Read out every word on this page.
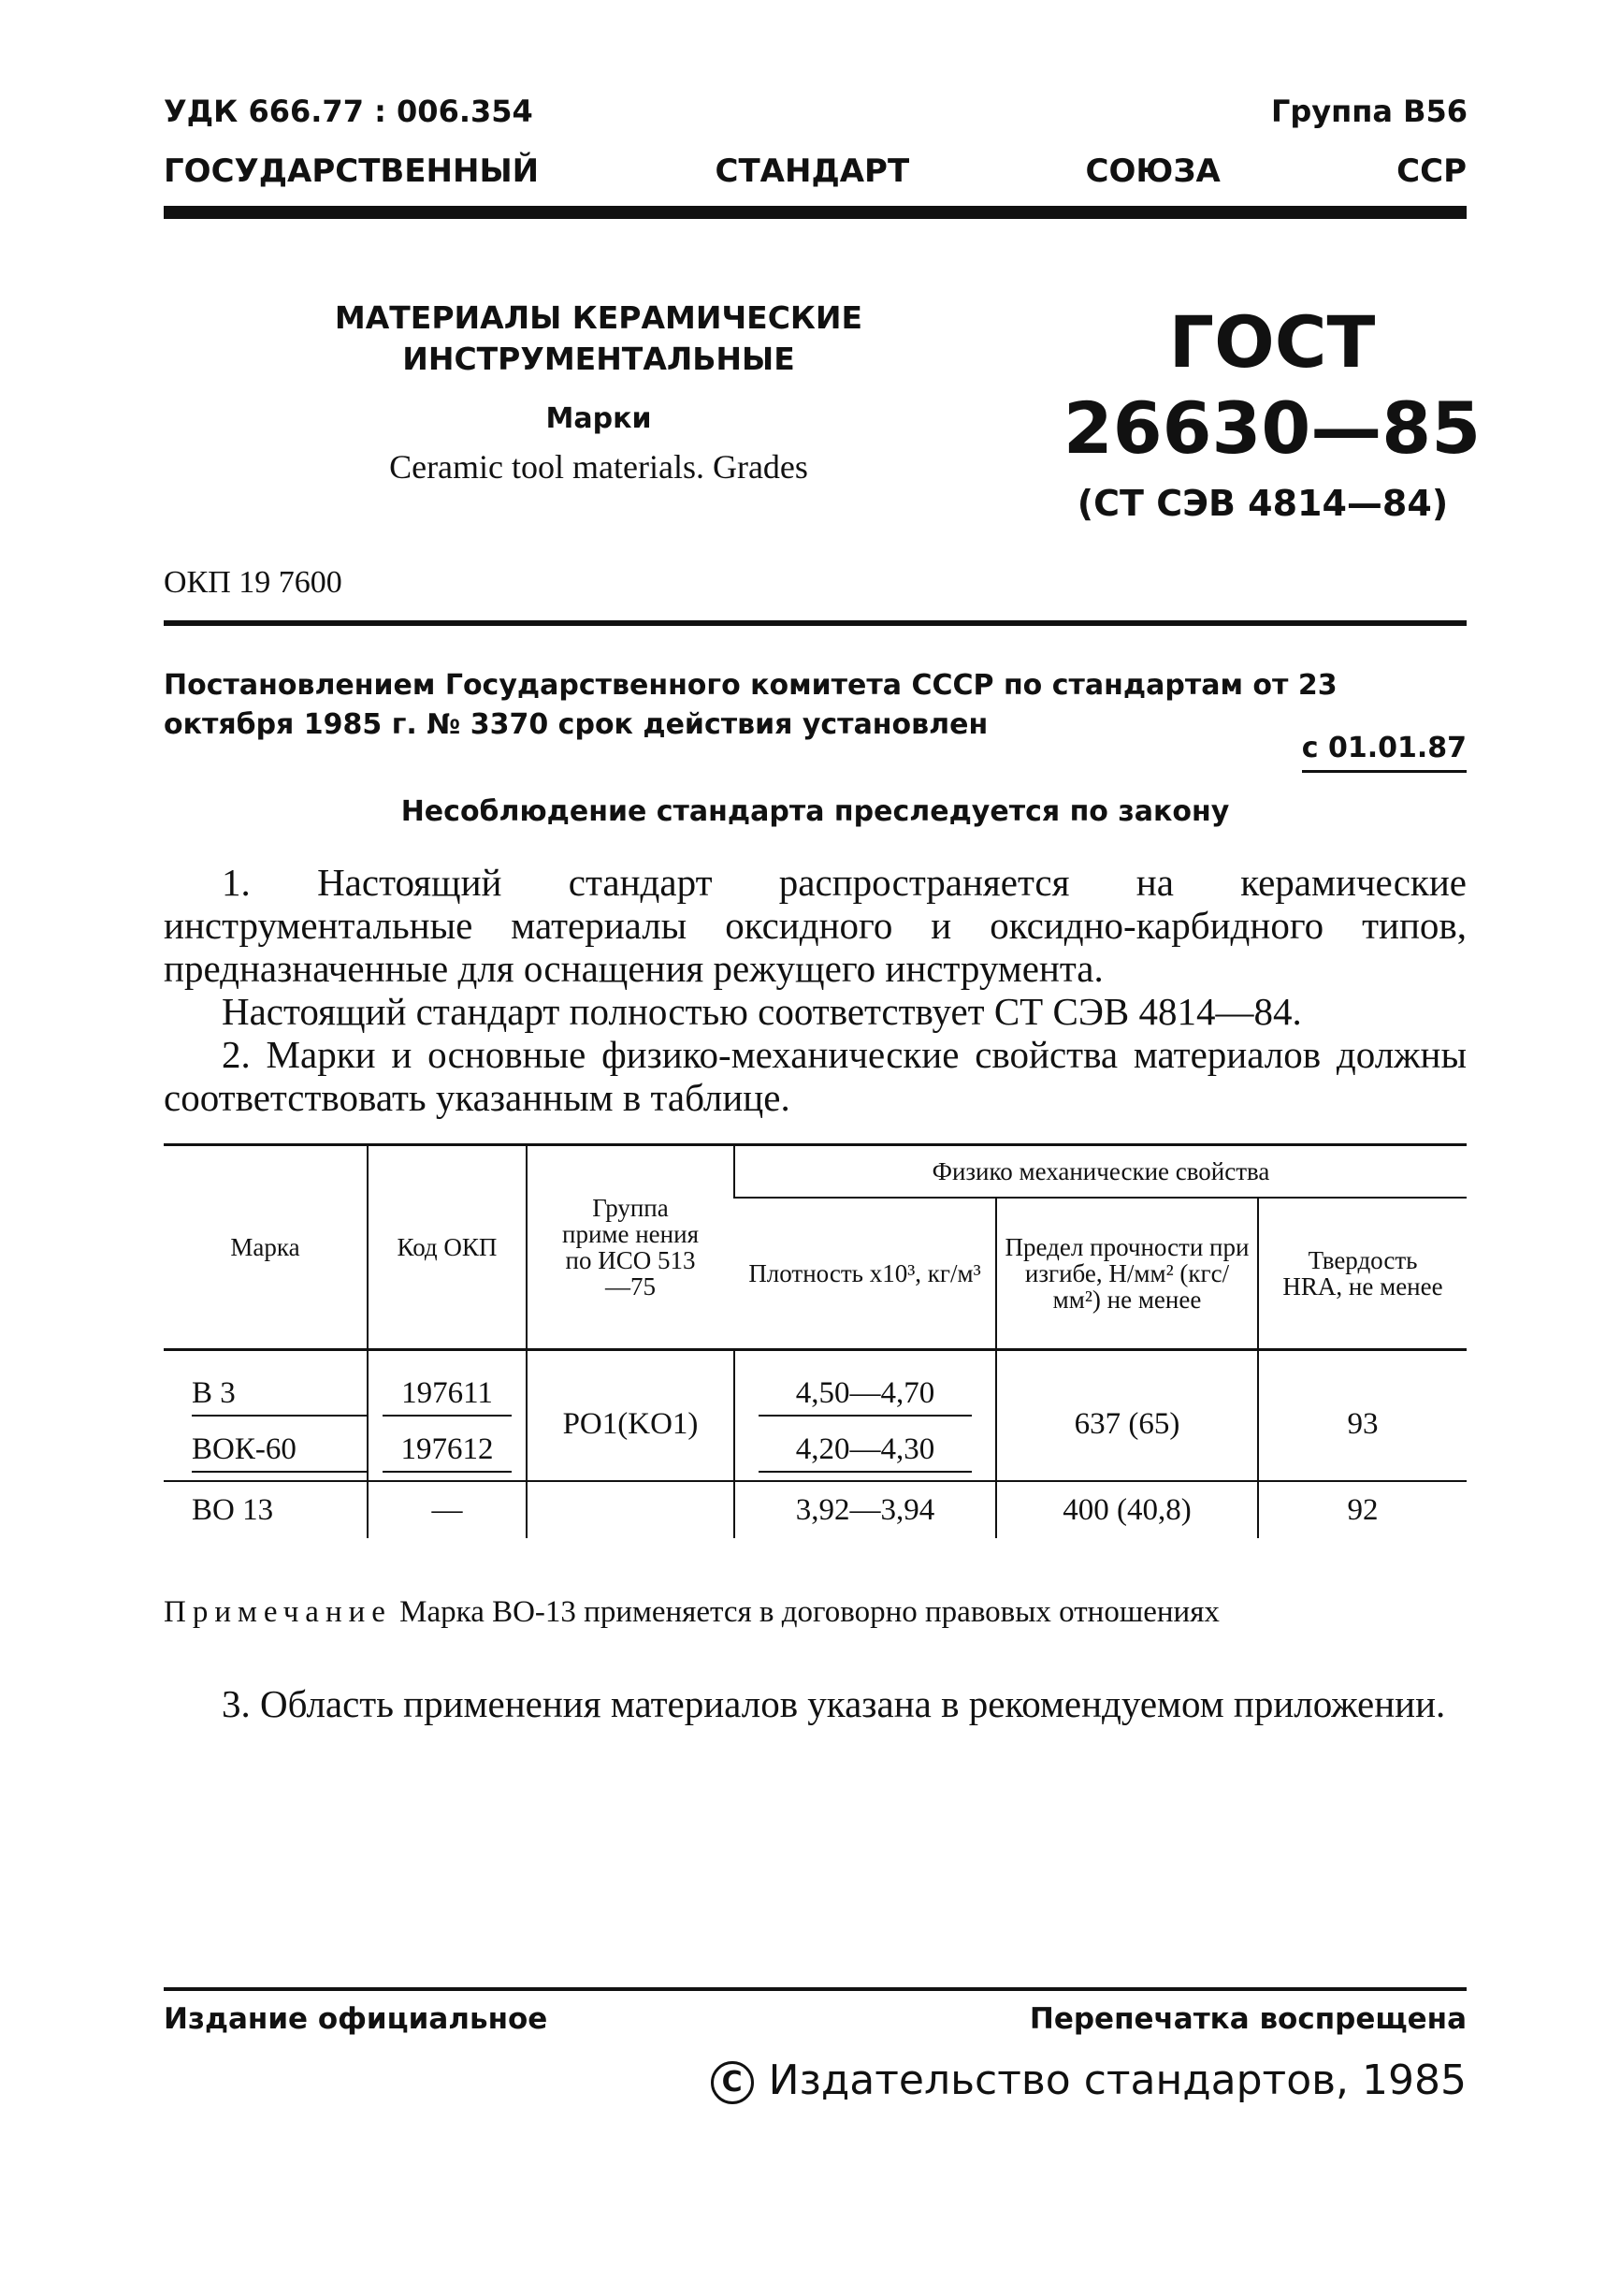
УДК 666.77 : 006.354	Группа В56
ГОСУДАРСТВЕННЫЙ	СТАНДАРТ	СОЮЗА	ССР
МАТЕРИАЛЫ КЕРАМИЧЕСКИЕ
ИНСТРУМЕНТАЛЬНЫЕ
Марки
Ceramic tool materials. Grades
ГОСТ
26630—85
(СТ СЭВ 4814—84)
ОКП 19 7600
Постановлением Государственного комитета СССР по стандартам от 23 октября 1985 г. № 3370 срок действия установлен
с 01.01.87
Несоблюдение стандарта преследуется по закону

1. Настоящий стандарт распространяется на керамические инструментальные материалы оксидного и оксидно-карбидного типов, предназначенные для оснащения режущего инструмента.

Настоящий стандарт полностью соответствует СТ СЭВ 4814—84.

2. Марки и основные физико-механические свойства материалов должны соответствовать указанным в таблице.

Марка	Код ОКП	Группа приме нения по ИСО 513—75	Физико механические свойства		
			Плотность х10³, кг/м³	Предел прочности при изгибе, Н/мм² (кгс/мм²) не менее	Твердость HRA, не менее
В 3	197611	PO1(KO1)	4,50—4,70	637 (65)	93
ВОК-60	197612		4,20—4,30		
ВО 13	—		3,92—3,94	400 (40,8)	92
Примечание Марка ВО-13 применяется в договорно правовых отношениях

3. Область применения материалов указана в рекомендуемом приложении.

Издание официальное	Перепечатка воспрещена
C Издательство стандартов, 1985
